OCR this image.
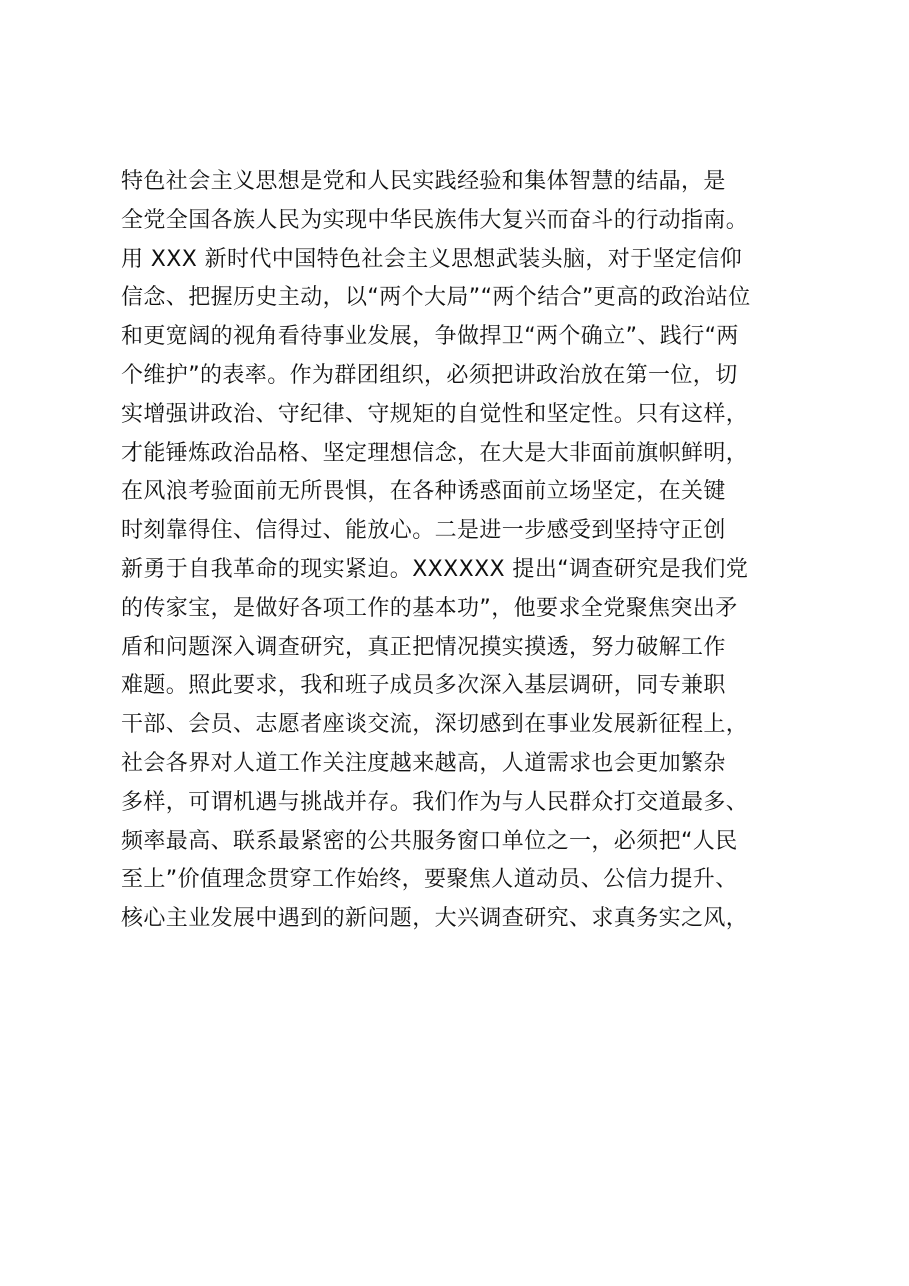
特色社会主义思想是党和人民实践经验和集体智慧的结晶，是
全党全国各族人民为实现中华民族伟大复兴而奋斗的行动指南。
用 XXX 新时代中国特色社会主义思想武装头脑，对于坚定信仰
信念、把握历史主动，以“两个大局”“两个结合”更高的政治站位
和更宽阔的视角看待事业发展，争做捍卫“两个确立”、践行“两
个维护”的表率。作为群团组织，必须把讲政治放在第一位，切
实增强讲政治、守纪律、守规矩的自觉性和坚定性。只有这样，
才能锤炼政治品格、坚定理想信念，在大是大非面前旗帜鲜明，
在风浪考验面前无所畏惧，在各种诱惑面前立场坚定，在关键
时刻靠得住、信得过、能放心。二是进一步感受到坚持守正创
新勇于自我革命的现实紧迫。XXXXXX 提出“调查研究是我们党
的传家宝，是做好各项工作的基本功”，他要求全党聚焦突出矛
盾和问题深入调查研究，真正把情况摸实摸透，努力破解工作
难题。照此要求，我和班子成员多次深入基层调研，同专兼职
干部、会员、志愿者座谈交流，深切感到在事业发展新征程上，
社会各界对人道工作关注度越来越高，人道需求也会更加繁杂
多样，可谓机遇与挑战并存。我们作为与人民群众打交道最多、
频率最高、联系最紧密的公共服务窗口单位之一，必须把“人民
至上”价值理念贯穿工作始终，要聚焦人道动员、公信力提升、
核心主业发展中遇到的新问题，大兴调查研究、求真务实之风，
